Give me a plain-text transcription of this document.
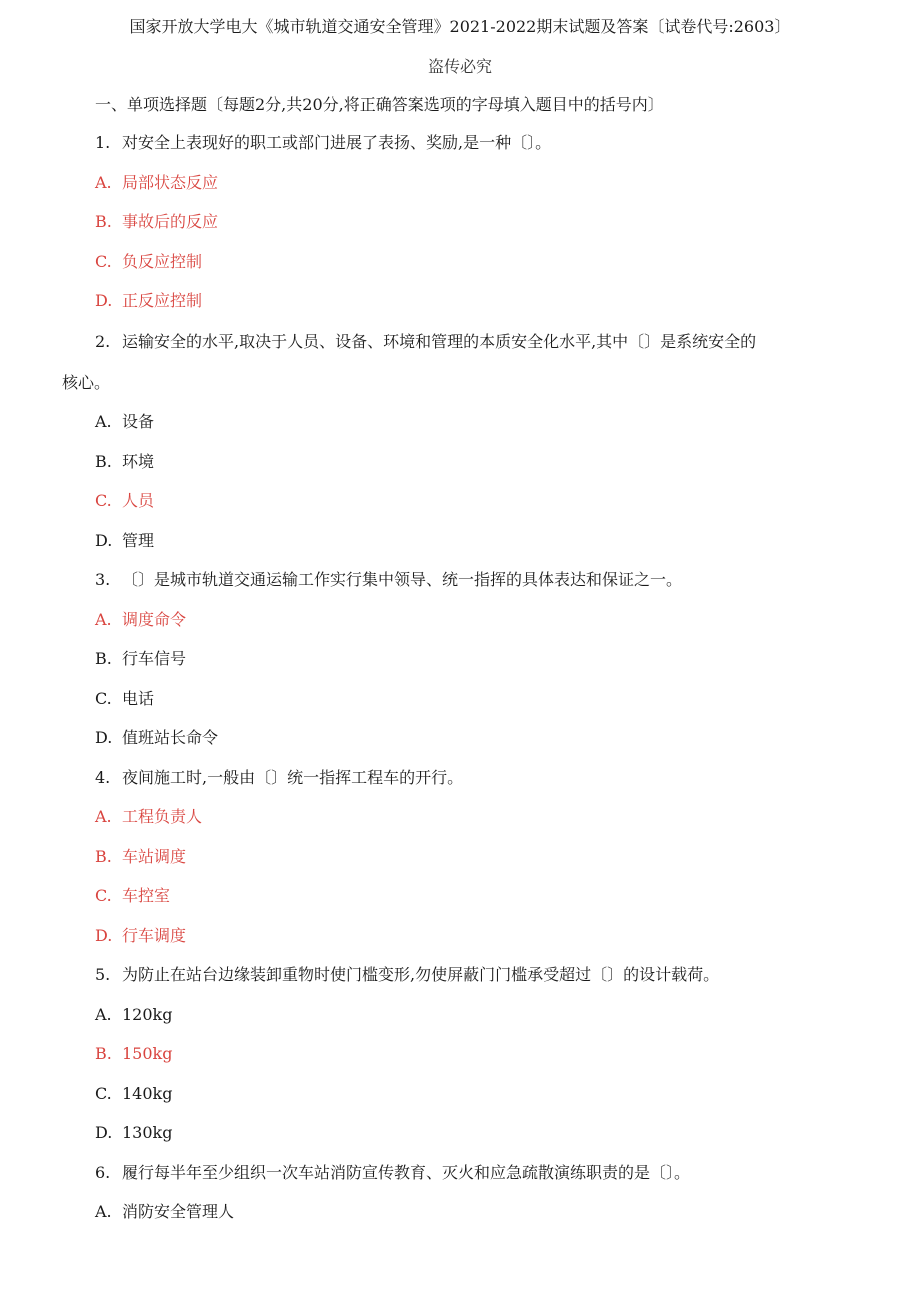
国家开放大学电大《城市轨道交通安全管理》2021-2022期末试题及答案〔试卷代号:2603〕
盗传必究
一、单项选择题〔每题2分,共20分,将正确答案选项的字母填入题目中的括号内〕
1. 对安全上表现好的职工或部门进展了表扬、奖励,是一种〔〕。
A. 局部状态反应
B. 事故后的反应
C. 负反应控制
D. 正反应控制
2. 运输安全的水平,取决于人员、设备、环境和管理的本质安全化水平,其中〔〕是系统安全的
核心。
A. 设备
B. 环境
C. 人员
D. 管理
3. 〔〕是城市轨道交通运输工作实行集中领导、统一指挥的具体表达和保证之一。
A. 调度命令
B. 行车信号
C. 电话
D. 值班站长命令
4. 夜间施工时,一般由〔〕统一指挥工程车的开行。
A. 工程负责人
B. 车站调度
C. 车控室
D. 行车调度
5. 为防止在站台边缘装卸重物时使门槛变形,勿使屏蔽门门槛承受超过〔〕的设计载荷。
A. 120kg
B. 150kg
C. 140kg
D. 130kg
6. 履行每半年至少组织一次车站消防宣传教育、灭火和应急疏散演练职责的是〔〕。
A. 消防安全管理人
